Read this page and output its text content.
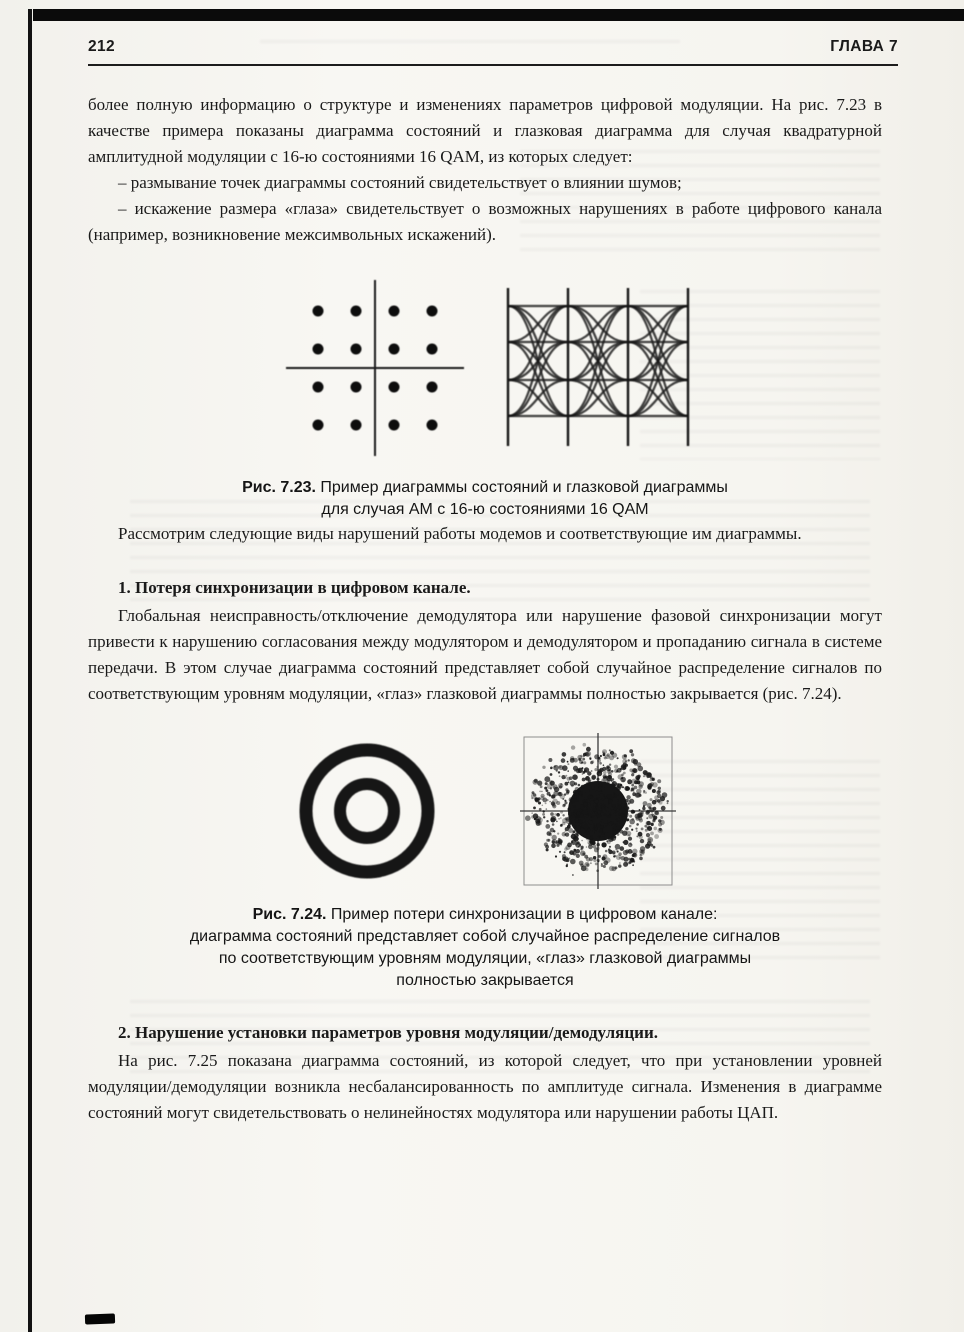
212	ГЛАВА 7

более полную информацию о структуре и изменениях параметров цифровой модуляции. На рис. 7.23 в качестве примера показаны диаграмма состояний и глазковая диаграмма для случая квадратурной амплитудной модуляции с 16-ю состояниями 16 QAM, из которых следует:

– размывание точек диаграммы состояний свидетельствует о влиянии шумов;

– искажение размера «глаза» свидетельствует о возможных нарушениях в работе цифрового канала (например, возникновение межсимвольных искажений).

Рис. 7.23. Пример диаграммы состояний и глазковой диаграммы
для случая АМ с 16-ю состояниями 16 QAM

Рассмотрим следующие виды нарушений работы модемов и соответствующие им диаграммы.

1. Потеря синхронизации в цифровом канале.

Глобальная неисправность/отключение демодулятора или нарушение фазовой синхронизации могут привести к нарушению согласования между модулятором и демодулятором и пропаданию сигнала в системе передачи. В этом случае диаграмма состояний представляет собой случайное распределение сигналов по соответствующим уровням модуляции, «глаз» глазковой диаграммы полностью закрывается (рис. 7.24).

Рис. 7.24. Пример потери синхронизации в цифровом канале:
диаграмма состояний представляет собой случайное распределение сигналов
по соответствующим уровням модуляции, «глаз» глазковой диаграммы
полностью закрывается
2. Нарушение установки параметров уровня модуляции/демодуляции.

На рис. 7.25 показана диаграмма состояний, из которой следует, что при установлении уровней модуляции/демодуляции возникла несбалансированность по амплитуде сигнала. Изменения в диаграмме состояний могут свидетельствовать о нелинейностях модулятора или нарушении работы ЦАП.
